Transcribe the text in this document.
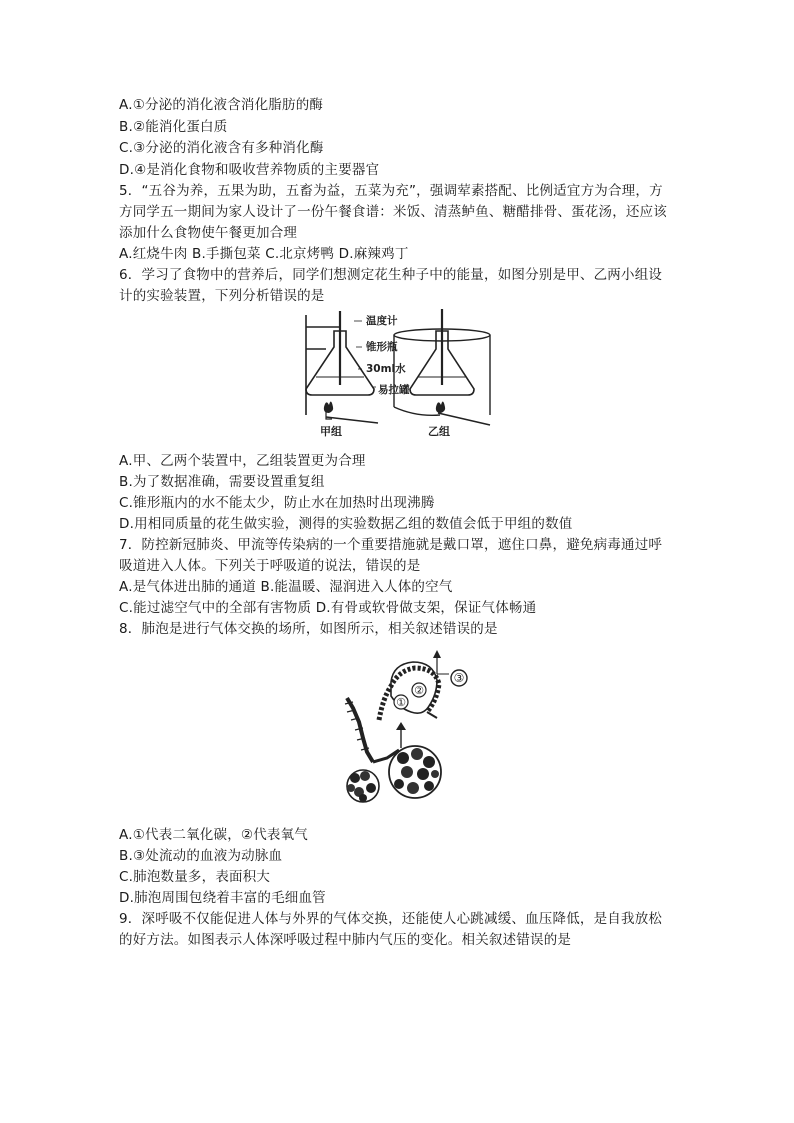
A.①分泌的消化液含消化脂肪的酶
B.②能消化蛋白质
C.③分泌的消化液含有多种消化酶
D.④是消化食物和吸收营养物质的主要器官
5．“五谷为养，五果为助，五畜为益，五菜为充”，强调荤素搭配、比例适宜方为合理，方
方同学五一期间为家人设计了一份午餐食谱：米饭、清蒸鲈鱼、糖醋排骨、蛋花汤，还应该
添加什么食物使午餐更加合理
A.红烧牛肉 B.手撕包菜 C.北京烤鸭 D.麻辣鸡丁
6．学习了食物中的营养后，同学们想测定花生种子中的能量，如图分别是甲、乙两小组设
计的实验装置，下列分析错误的是
温度计
锥形瓶
30ml水
易拉罐
甲组	乙组
A.甲、乙两个装置中，乙组装置更为合理
B.为了数据准确，需要设置重复组
C.锥形瓶内的水不能太少，防止水在加热时出现沸腾
D.用相同质量的花生做实验，测得的实验数据乙组的数值会低于甲组的数值
7．防控新冠肺炎、甲流等传染病的一个重要措施就是戴口罩，遮住口鼻，避免病毒通过呼
吸道进入人体。下列关于呼吸道的说法，错误的是
A.是气体进出肺的通道 B.能温暖、湿润进入人体的空气
C.能过滤空气中的全部有害物质 D.有骨或软骨做支架，保证气体畅通
8．肺泡是进行气体交换的场所，如图所示，相关叙述错误的是
①
②
③
A.①代表二氧化碳，②代表氧气
B.③处流动的血液为动脉血
C.肺泡数量多，表面积大
D.肺泡周围包绕着丰富的毛细血管
9．深呼吸不仅能促进人体与外界的气体交换，还能使人心跳减缓、血压降低，是自我放松
的好方法。如图表示人体深呼吸过程中肺内气压的变化。相关叙述错误的是
